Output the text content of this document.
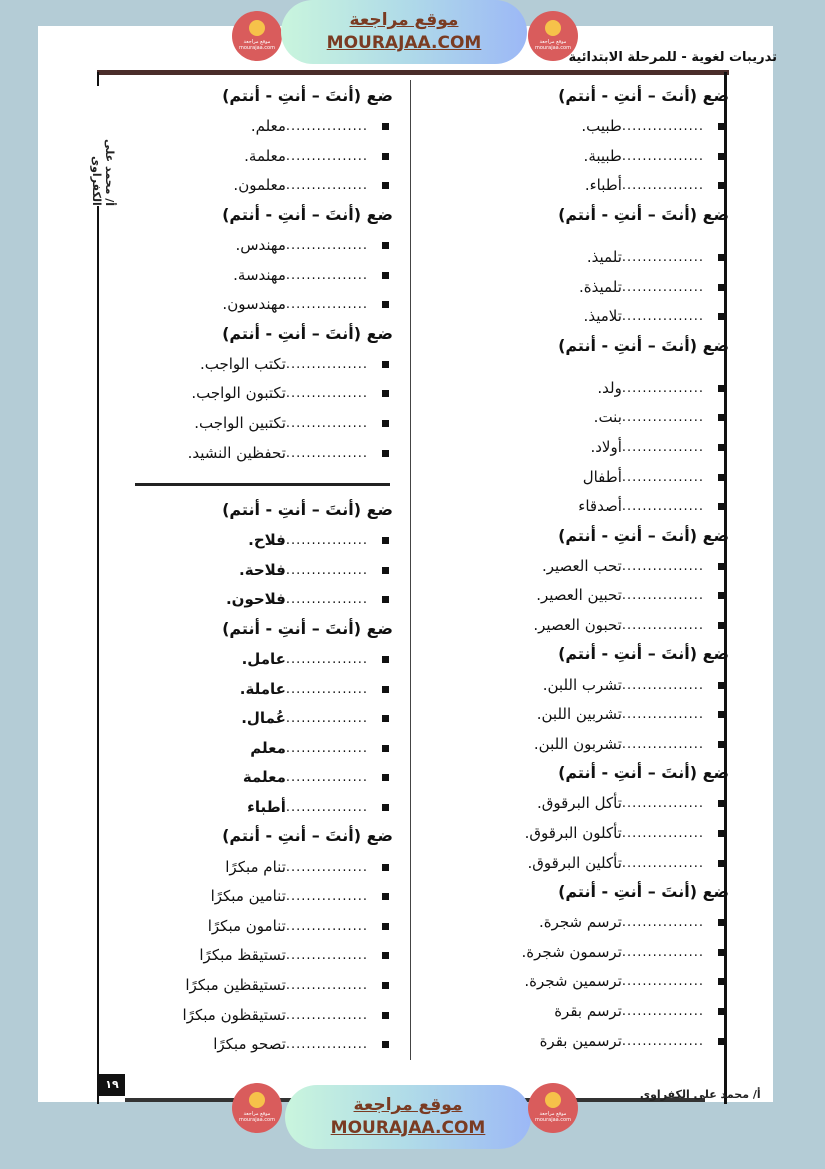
موقع مراجعة
mourajaa.com
موقع مراجعة
MOURAJAA.COM	موقع مراجعة
mourajaa.com
تدريبات لغوية - للمرحلة الابتدائية
أ/ محمد على الكفراوى
ضع (أنتَ – أنتِ - أنتم)
................
طبيب.
................
طبيبة.
................
أطباء.
ضع (أنتَ – أنتِ - أنتم)
................
تلميذ.
................
تلميذة.
................
تلاميذ.
ضع (أنتَ – أنتِ - أنتم)
................
ولد.
................
بنت.
................
أولاد.
................
أطفال
................
أصدقاء
ضع (أنتَ – أنتِ - أنتم)
................
تحب العصير.
................
تحبين العصير.
................
تحبون العصير.
ضع (أنتَ – أنتِ - أنتم)
................
تشرب اللبن.
................
تشربين اللبن.
................
تشربون اللبن.
ضع (أنتَ – أنتِ - أنتم)
................
تأكل البرقوق.
................
تأكلون البرقوق.
................
تأكلين البرقوق.
ضع (أنتَ – أنتِ - أنتم)
................
ترسم شجرة.
................
ترسمون شجرة.
................
ترسمين شجرة.
................
ترسم بقرة
................
ترسمين بقرة
ضع (أنتَ – أنتِ - أنتم)
................
معلم.
................
معلمة.
................
معلمون.
ضع (أنتَ – أنتِ - أنتم)
................
مهندس.
................
مهندسة.
................
مهندسون.
ضع (أنتَ – أنتِ - أنتم)
................
تكتب الواجب.
................
تكتبون الواجب.
................
تكتبين الواجب.
................
تحفظين النشيد.
ضع (أنتَ – أنتِ - أنتم)
................
فلاح.
................
فلاحة.
................
فلاحون.
ضع (أنتَ – أنتِ - أنتم)
................
عامل.
................
عاملة.
................
عُمال.
................
معلم
................
معلمة
................
أطباء
ضع (أنتَ – أنتِ - أنتم)
................
تنام مبكرًا
................
تنامين مبكرًا
................
تنامون مبكرًا
................
تستيقظ مبكرًا
................
تستيقظين مبكرًا
................
تستيقظون مبكرًا
................
تصحو مبكرًا
١٩
أ/ محمد على الكفراوى
موقع مراجعة
mourajaa.com
موقع مراجعة
MOURAJAA.COM
موقع مراجعة
mourajaa.com
